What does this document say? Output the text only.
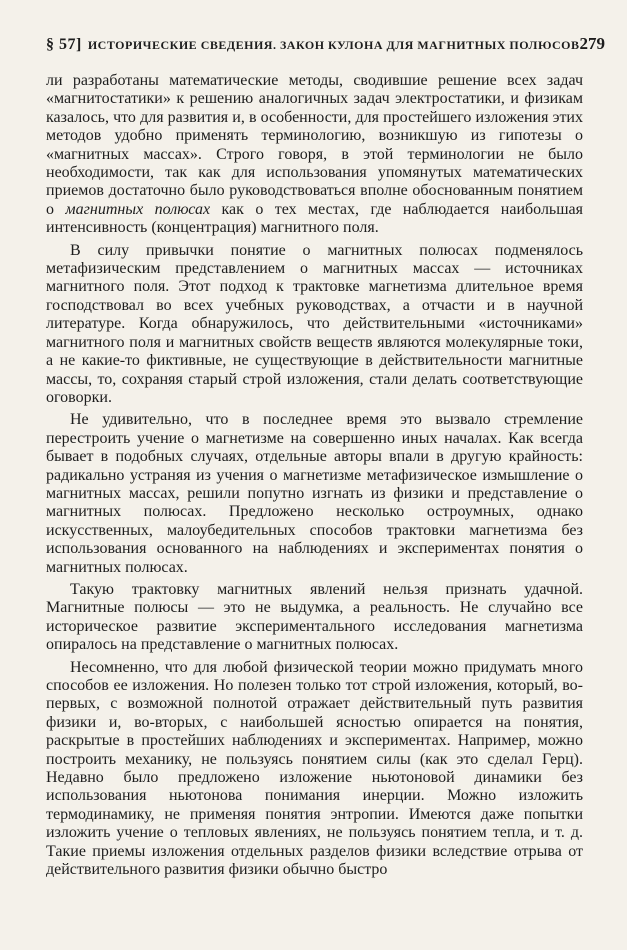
§ 57] ИСТОРИЧЕСКИЕ СВЕДЕНИЯ. ЗАКОН КУЛОНА ДЛЯ МАГНИТНЫХ ПОЛЮСОВ 279

ли разработаны математические методы, сводившие решение всех задач «магнитостатики» к решению аналогичных задач электростатики, и физикам казалось, что для развития и, в особенности, для простейшего изложения этих методов удобно применять терминологию, возникшую из гипотезы о «магнитных массах». Строго говоря, в этой терминологии не было необходимости, так как для использования упомянутых математических приемов достаточно было руководствоваться вполне обоснованным понятием о магнитных полюсах как о тех местах, где наблюдается наибольшая интенсивность (концентрация) магнитного поля.

В силу привычки понятие о магнитных полюсах подменялось метафизическим представлением о магнитных массах — источниках магнитного поля. Этот подход к трактовке магнетизма длительное время господствовал во всех учебных руководствах, а отчасти и в научной литературе. Когда обнаружилось, что действительными «источниками» магнитного поля и магнитных свойств веществ являются молекулярные токи, а не какие-то фиктивные, не существующие в действительности магнитные массы, то, сохраняя старый строй изложения, стали делать соответствующие оговорки.

Не удивительно, что в последнее время это вызвало стремление перестроить учение о магнетизме на совершенно иных началах. Как всегда бывает в подобных случаях, отдельные авторы впали в другую крайность: радикально устраняя из учения о магнетизме метафизическое измышление о магнитных массах, решили попутно изгнать из физики и представление о магнитных полюсах. Предложено несколько остроумных, однако искусственных, малоубедительных способов трактовки магнетизма без использования основанного на наблюдениях и экспериментах понятия о магнитных полюсах.

Такую трактовку магнитных явлений нельзя признать удачной. Магнитные полюсы — это не выдумка, а реальность. Не случайно все историческое развитие экспериментального исследования магнетизма опиралось на представление о магнитных полюсах.

Несомненно, что для любой физической теории можно придумать много способов ее изложения. Но полезен только тот строй изложения, который, во-первых, с возможной полнотой отражает действительный путь развития физики и, во-вторых, с наибольшей ясностью опирается на понятия, раскрытые в простейших наблюдениях и экспериментах. Например, можно построить механику, не пользуясь понятием силы (как это сделал Герц). Недавно было предложено изложение ньютоновой динамики без использования ньютонова понимания инерции. Можно изложить термодинамику, не применяя понятия энтропии. Имеются даже попытки изложить учение о тепловых явлениях, не пользуясь понятием тепла, и т. д. Такие приемы изложения отдельных разделов физики вследствие отрыва от действительного развития физики обычно быстро
